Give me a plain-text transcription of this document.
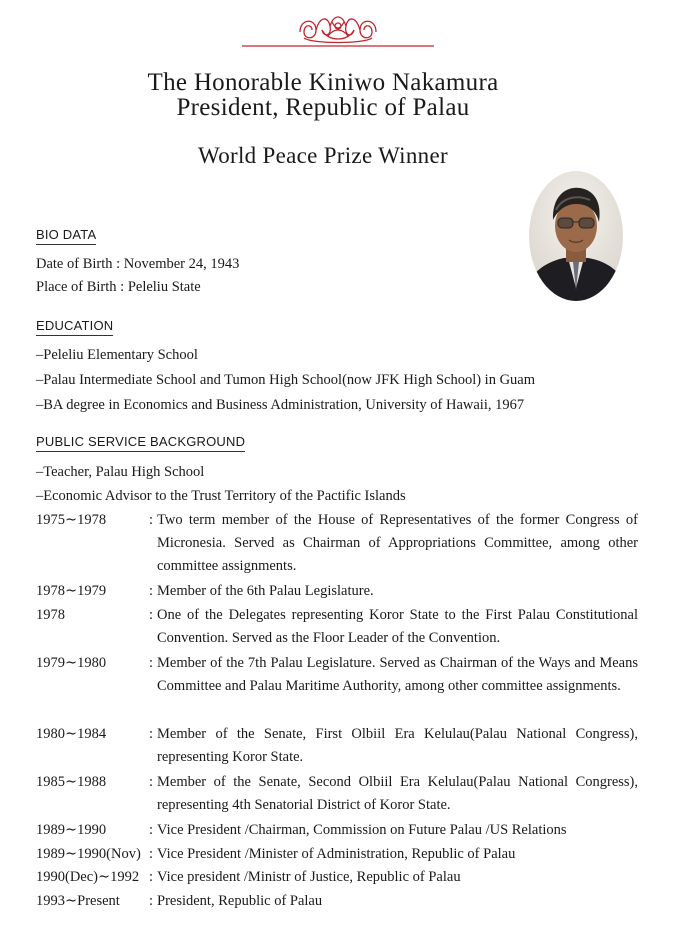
The Honorable Kiniwo Nakamura
President, Republic of Palau
World Peace Prize Winner
BIO DATA
Date of Birth : November 24, 1943
Place of Birth : Peleliu State
EDUCATION
–Peleliu Elementary School
–Palau Intermediate School and Tumon High School(now JFK High School) in Guam
–BA degree in Economics and Business Administration, University of Hawaii, 1967
PUBLIC SERVICE BACKGROUND
–Teacher, Palau High School
–Economic Advisor to the Trust Territory of the Pactific Islands
1975∼1978	: Two term member of the House of Representatives of the former Congress of Micronesia. Served as Chairman of Appropriations Committee, among other committee assignments.
1978∼1979	: Member of the 6th Palau Legislature.
1978	: One of the Delegates representing Koror State to the First Palau Constitutional Convention. Served as the Floor Leader of the Convention.
1979∼1980	: Member of the 7th Palau Legislature. Served as Chairman of the Ways and Means Committee and Palau Maritime Authority, among other committee assignments.
1980∼1984	: Member of the Senate, First Olbiil Era Kelulau(Palau National Congress), representing Koror State.
1985∼1988	: Member of the Senate, Second Olbiil Era Kelulau(Palau National Congress), representing 4th Senatorial District of Koror State.
1989∼1990	: Vice President /Chairman, Commission on Future Palau /US Relations
1989∼1990(Nov) : Vice President /Minister of Administration, Republic of Palau
1990(Dec)∼1992 : Vice president /Ministr of Justice, Republic of Palau
1993∼Present : President, Republic of Palau
